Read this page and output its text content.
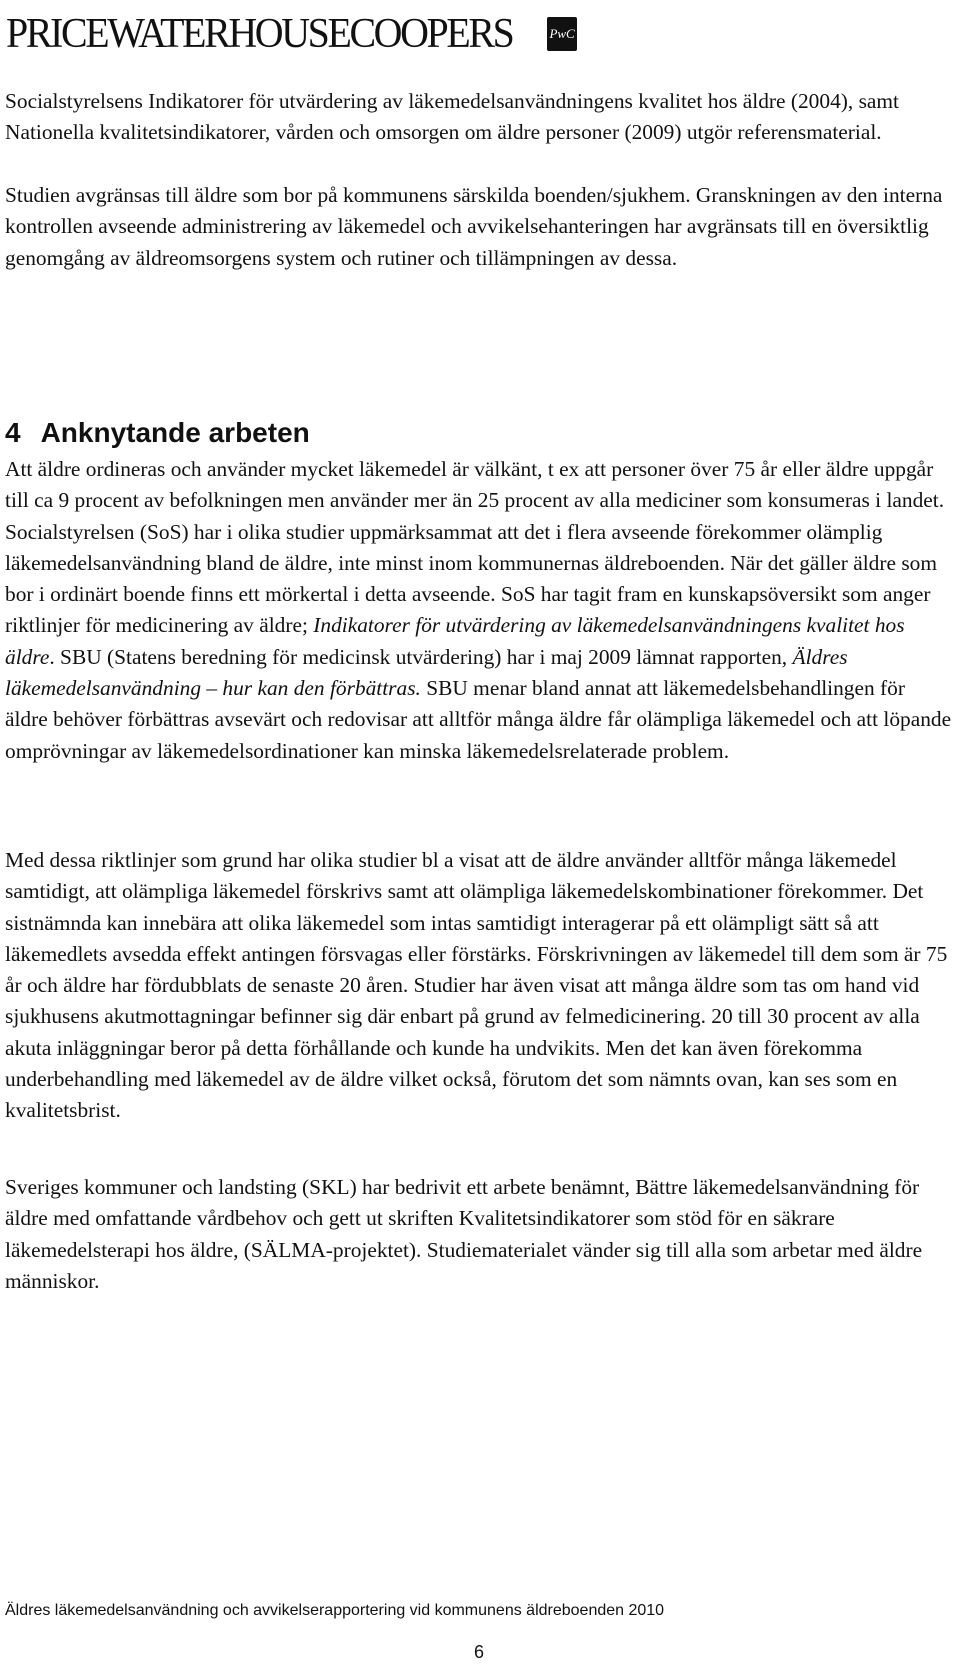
PRICEWATERHOUSECOOPERS	PwC

Socialstyrelsens Indikatorer för utvärdering av läkemedelsanvändningens kvalitet hos äldre (2004), samt Nationella kvalitetsindikatorer, vården och omsorgen om äldre personer (2009) utgör referensmaterial.

Studien avgränsas till äldre som bor på kommunens särskilda boenden/sjukhem. Granskningen av den interna kontrollen avseende administrering av läkemedel och avvikelsehanteringen har avgränsats till en översiktlig genomgång av äldreomsorgens system och rutiner och tillämpningen av dessa.

4 Anknytande arbeten

Att äldre ordineras och använder mycket läkemedel är välkänt, t ex att personer över 75 år eller äldre uppgår till ca 9 procent av befolkningen men använder mer än 25 procent av alla mediciner som konsumeras i landet. Socialstyrelsen (SoS) har i olika studier uppmärksammat att det i flera avseende förekommer olämplig läkemedelsanvändning bland de äldre, inte minst inom kommunernas äldreboenden. När det gäller äldre som bor i ordinärt boende finns ett mörkertal i detta avseende. SoS har tagit fram en kunskapsöversikt som anger riktlinjer för medicinering av äldre; Indikatorer för utvärdering av läkemedelsanvändningens kvalitet hos äldre. SBU (Statens beredning för medicinsk utvärdering) har i maj 2009 lämnat rapporten, Äldres läkemedelsanvändning – hur kan den förbättras. SBU menar bland annat att läkemedelsbehandlingen för äldre behöver förbättras avsevärt och redovisar att alltför många äldre får olämpliga läkemedel och att löpande omprövningar av läkemedelsordinationer kan minska läkemedelsrelaterade problem.

Med dessa riktlinjer som grund har olika studier bl a visat att de äldre använder alltför många läkemedel samtidigt, att olämpliga läkemedel förskrivs samt att olämpliga läkemedelskombinationer förekommer. Det sistnämnda kan innebära att olika läkemedel som intas samtidigt interagerar på ett olämpligt sätt så att läkemedlets avsedda effekt antingen försvagas eller förstärks. Förskrivningen av läkemedel till dem som är 75 år och äldre har fördubblats de senaste 20 åren. Studier har även visat att många äldre som tas om hand vid sjukhusens akutmottagningar befinner sig där enbart på grund av felmedicinering. 20 till 30 procent av alla akuta inläggningar beror på detta förhållande och kunde ha undvikits. Men det kan även förekomma underbehandling med läkemedel av de äldre vilket också, förutom det som nämnts ovan, kan ses som en kvalitetsbrist.

Sveriges kommuner och landsting (SKL) har bedrivit ett arbete benämnt, Bättre läkemedelsanvändning för äldre med omfattande vårdbehov och gett ut skriften Kvalitetsindikatorer som stöd för en säkrare läkemedelsterapi hos äldre, (SÄLMA-projektet). Studiematerialet vänder sig till alla som arbetar med äldre människor.

Äldres läkemedelsanvändning och avvikelserapportering vid kommunens äldreboenden 2010
6
